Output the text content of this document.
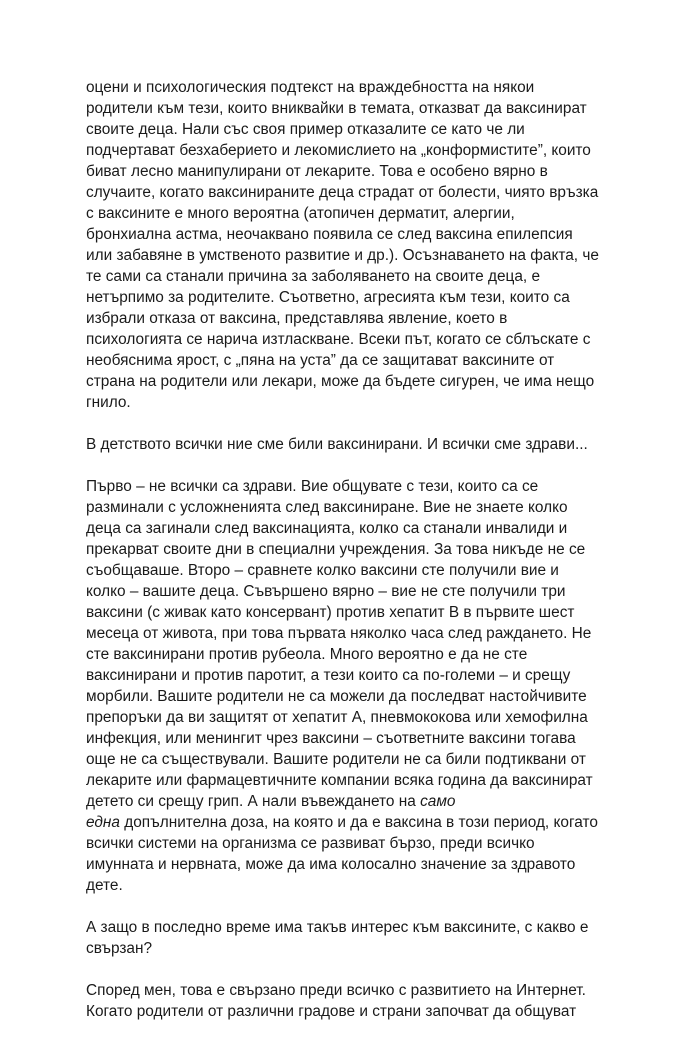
оцени и психологическия подтекст на враждебността на някои
родители към тези, които вниквайки в темата, отказват да ваксинират
своите деца. Нали със своя пример отказалите се като че ли
подчертават безхаберието и лекомислието на „конформистите”, които
биват лесно манипулирани от лекарите. Това е особено вярно в
случаите, когато ваксинираните деца страдат от болести, чиято връзка
с ваксините е много вероятна (атопичен дерматит, алергии,
бронхиална астма, неочаквано появила се след ваксина епилепсия
или забавяне в умственото развитие и др.). Осъзнаването на факта, че
те сами са станали причина за заболяването на своите деца, е
нетърпимо за родителите. Съответно, агресията към тези, които са
избрали отказа от ваксина, представлява явление, което в
психологията се нарича изтласкване. Всеки път, когато се сблъскате с
необяснима ярост, с „пяна на уста” да се защитават ваксините от
страна на родители или лекари, може да бъдете сигурен, че има нещо
гнило.

В детството всички ние сме били ваксинирани. И всички сме здрави...

Първо – не всички са здрави. Вие общувате с тези, които са се
разминали с усложненията след ваксиниране. Вие не знаете колко
деца са загинали след ваксинацията, колко са станали инвалиди и
прекарват своите дни в специални учреждения. За това никъде не се
съобщаваше. Второ – сравнете колко ваксини сте получили вие и
колко – вашите деца. Съвършено вярно – вие не сте получили три
ваксини (с живак като консервант) против хепатит В в първите шест
месеца от живота, при това първата няколко часа след раждането. Не
сте ваксинирани против рубеола. Много вероятно е да не сте
ваксинирани и против паротит, а тези които са по-големи – и срещу
морбили. Вашите родители не са можели да последват настойчивите
препоръки да ви защитят от хепатит А, пневмококова или хемофилна
инфекция, или менингит чрез ваксини – съответните ваксини тогава
още не са съществували. Вашите родители не са били подтиквани от
лекарите или фармацевтичните компании всяка година да ваксинират
детето си срещу грип. А нали въвеждането на само
една допълнителна доза, на която и да е ваксина в този период, когато
всички системи на организма се развиват бързо, преди всичко
имунната и нервната, може да има колосално значение за здравото
дете.

А защо в последно време има такъв интерес към ваксините, с какво е
свързан?

Според мен, това е свързано преди всичко с развитието на Интернет.
Когато родители от различни градове и страни започват да общуват
